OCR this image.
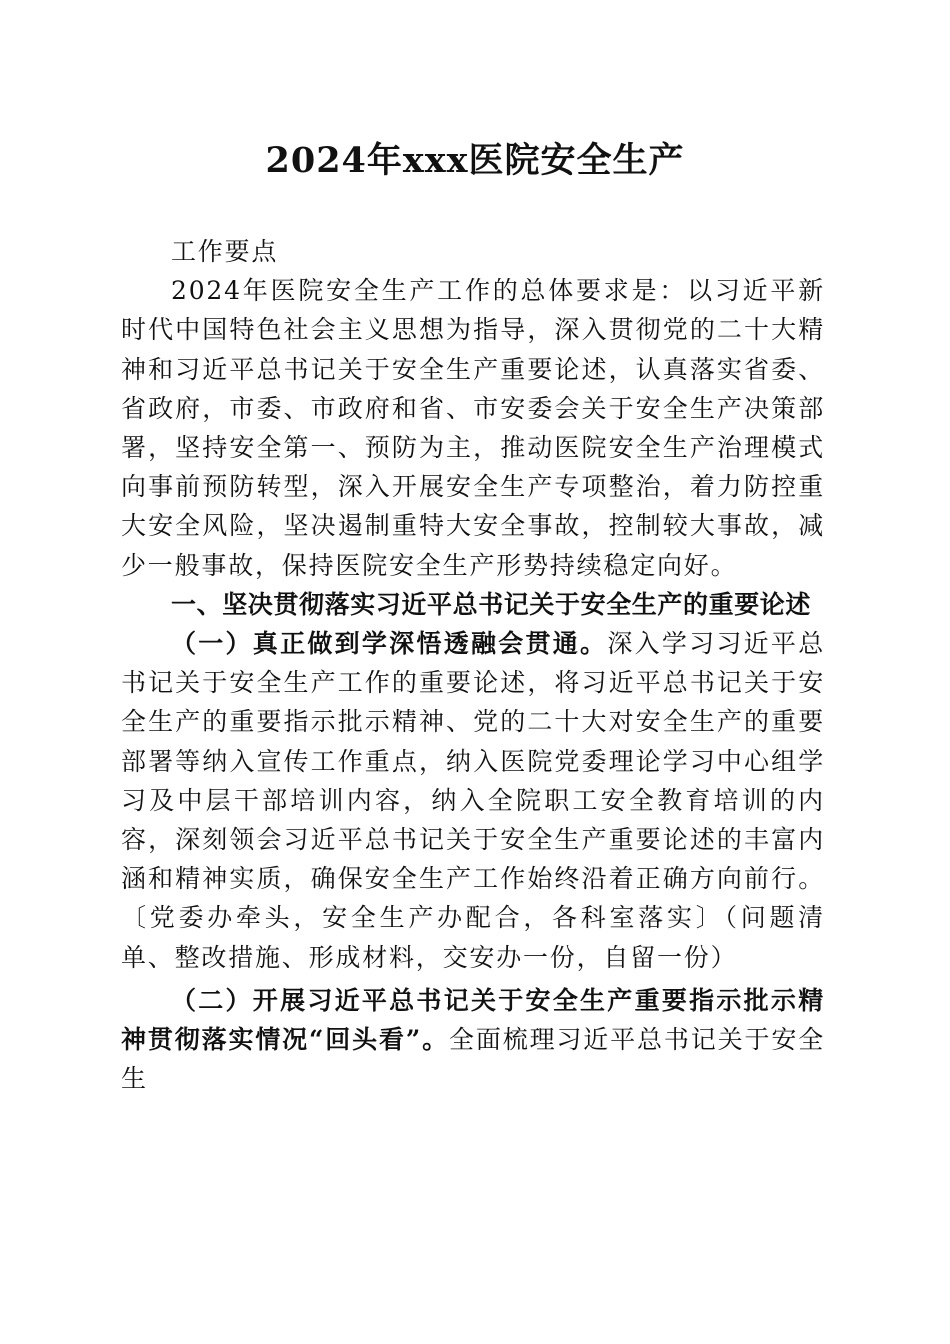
2024年xxx医院安全生产

工作要点

2024年医院安全生产工作的总体要求是：以习近平新时代中国特色社会主义思想为指导，深入贯彻党的二十大精神和习近平总书记关于安全生产重要论述，认真落实省委、省政府，市委、市政府和省、市安委会关于安全生产决策部署，坚持安全第一、预防为主，推动医院安全生产治理模式向事前预防转型，深入开展安全生产专项整治，着力防控重大安全风险，坚决遏制重特大安全事故，控制较大事故，减少一般事故，保持医院安全生产形势持续稳定向好。

一、坚决贯彻落实习近平总书记关于安全生产的重要论述

（一）真正做到学深悟透融会贯通。深入学习习近平总书记关于安全生产工作的重要论述，将习近平总书记关于安全生产的重要指示批示精神、党的二十大对安全生产的重要部署等纳入宣传工作重点，纳入医院党委理论学习中心组学习及中层干部培训内容，纳入全院职工安全教育培训的内容，深刻领会习近平总书记关于安全生产重要论述的丰富内涵和精神实质，确保安全生产工作始终沿着正确方向前行。〔党委办牵头，安全生产办配合，各科室落实〕（问题清单、整改措施、形成材料，交安办一份，自留一份）

（二）开展习近平总书记关于安全生产重要指示批示精神贯彻落实情况“回头看”。全面梳理习近平总书记关于安全生
